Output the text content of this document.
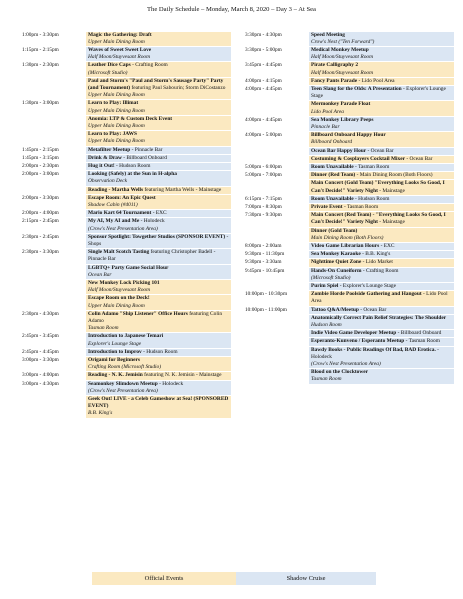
The Daily Schedule – Monday, March 8, 2020 – Day 3 – At Sea
1:00pm - 3:30pm	Magic the Gathering: Draft
Upper Main Dining Room
1:15pm - 2:15pm	Waves of Sweet Sweet Love
Half Moon/Stuyvesant Room
1:30pm - 2:30pm	Leather Dice Caps - Crafting Room
(Microsoft Studio)
Paul and Storm's "Paul and Storm's Sausage Party" Party (and Tournament) featuring Paul Sabourin; Storm DiCostanzo
Upper Main Dining Room
1:30pm - 3:00pm	Learn to Play: Illimat
Upper Main Dining Room
Anomia: LTP & Custom Deck Event
Upper Main Dining Room
Learn to Play: JAWS
Upper Main Dining Room
1:45pm - 2:15pm	Metafilter Meetup - Pinnacle Bar
1:45pm - 3:15pm	Drink & Draw - Billboard Onboard
2:00pm - 2:30pm	Hug it Out! - Hudson Room
2:00pm - 3:00pm	Looking (Safely) at the Sun in H-alpha
Observation Deck
Reading - Martha Wells featuring Martha Wells - Mainstage
2:00pm - 3:30pm	Escape Room: An Epic Quest
Shadow Cabin (#4011)
2:00pm - 4:00pm	Mario Kart 64 Tournament - EXC
2:15pm - 2:45pm	My AI, My AI and Me - Holodeck
(Crow's Nest Presentation Area)
2:30pm - 2:45pm	Sponsor Spotlight: Towgether Studios (SPONSOR EVENT) - Shops
2:30pm - 3:30pm	Single Malt Scotch Tasting featuring Christopher Badell - Pinnacle Bar
LGBTQ+ Party Game Social Hour
Ocean Bar
New Monkey Lock Picking 101
Half Moon/Stuyvesant Room
Escape Room on the Deck!
Upper Main Dining Room
2:30pm - 4:30pm	Colin Adamo "Ship Listener" Office Hours featuring Colin Adamo
Tasman Room
2:45pm - 3:45pm	Introduction to Japanese Temari
Explorer's Lounge Stage
2:45pm - 4:45pm	Introduction to Improv - Hudson Room
3:00pm - 3:30pm	Origami for Beginners
Crafting Room (Microsoft Studio)
3:00pm - 4:00pm	Reading - N. K. Jemisin featuring N. K. Jemisin - Mainstage
3:00pm - 4:30pm	Seamonkey Slimdown Meetup - Holodeck
(Crow's Nest Presentation Area)
Geek Out! LIVE - a Celeb Gameshow at Sea! (SPONSORED EVENT)
B.B. King's
3:30pm - 4:30pm	Speed Meeting
Crow's Nest ("Ten Forward")
3:30pm - 5:00pm	Medical Monkey Meetup
Half Moon/Stuyvesant Room
3:45pm - 4:45pm	Pirate Calligraphy 2
Half Moon/Stuyvesant Room
4:00pm - 4:15pm	Fancy Pants Parade - Lido Pool Area
4:00pm - 4:45pm	Teen Slang for the Olds: A Presentation - Explorer's Lounge Stage
Mermonkey Parade Float
Lido Pool Area
4:00pm - 4:45pm	Sea Monkey Library Peeps
Pinnacle Bar
4:00pm - 5:00pm	Billboard Onboard Happy Hour
Billboard Onboard
Ocean Bar Happy Hour - Ocean Bar
Costuming & Cosplayers Cocktail Mixer - Ocean Bar
5:00pm - 6:00pm	Room Unavailable - Tasman Room
5:00pm - 7:00pm	Dinner (Red Team) - Main Dining Room (Both Floors)
Main Concert (Gold Team) "Everything Looks So Good, I Can't Decide!" Variety Night - Mainstage
6:15pm - 7:15pm	Room Unavailable - Hudson Room
7:00pm - 8:30pm	Private Event - Tasman Room
7:30pm - 9:30pm	Main Concert (Red Team) - "Everything Looks So Good, I Can't Decide!" Variety Night - Mainstage
Dinner (Gold Team)
Main Dining Room (Both Floors)
8:00pm - 2:00am	Video Game Librarian Hours - EXC
9:30pm - 11:30pm	Sea Monkey Karaoke - B.B. King's
9:30pm - 3:30am	Nighttime Quiet Zone - Lido Market
9:45pm - 10:45pm	Hands-On Cuneiform - Crafting Room
(Microsoft Studio)
Purim Spiel - Explorer's Lounge Stage
10:00pm - 10:30pm	Zombie Horde Poolside Gathering and Hangout - Lido Pool Area
10:00pm - 11:00pm	Tattoo Q&A/Meetup - Ocean Bar
Anatomically Correct Pain Relief Strategies: The Shoulder
Hudson Room
Indie Video Game Developer Meetup - Billboard Onboard
Esperanto-Kunveno / Esperanto Meetup - Tasman Room
Bawdy Books - Public Readings Of Bad, BAD Erotica. - Holodeck
(Crow's Nest Presentation Area)
Blood on the Clocktower
Tasman Room
Official Events	Shadow Cruise
